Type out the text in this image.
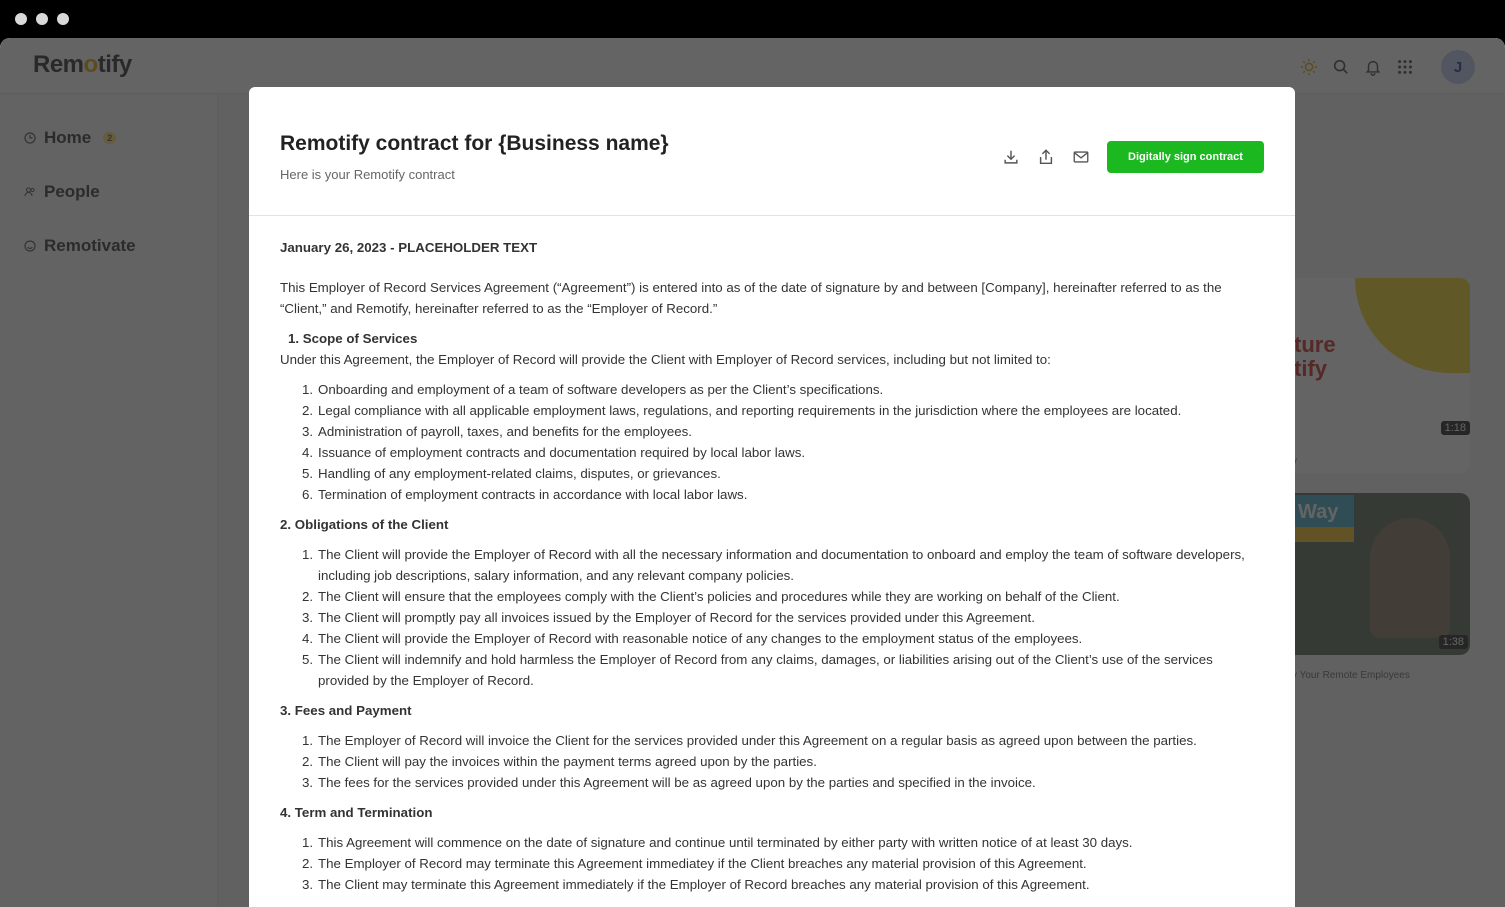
Remotify contract for {Business name}
Here is your Remotify contract
Digitally sign contract
January 26, 2023 - PLACEHOLDER TEXT

This Employer of Record Services Agreement (“Agreement”) is entered into as of the date of signature by and between [Company], hereinafter referred to as the “Client,” and Remotify, hereinafter referred to as the “Employer of Record.”

1. Scope of Services
Under this Agreement, the Employer of Record will provide the Client with Employer of Record services, including but not limited to:
1. Onboarding and employment of a team of software developers as per the Client’s specifications.
2. Legal compliance with all applicable employment laws, regulations, and reporting requirements in the jurisdiction where the employees are located.
3. Administration of payroll, taxes, and benefits for the employees.
4. Issuance of employment contracts and documentation required by local labor laws.
5. Handling of any employment-related claims, disputes, or grievances.
6. Termination of employment contracts in accordance with local labor laws.
2. Obligations of the Client
1. The Client will provide the Employer of Record with all the necessary information and documentation to onboard and employ the team of software developers, including job descriptions, salary information, and any relevant company policies.
2. The Client will ensure that the employees comply with the Client’s policies and procedures while they are working on behalf of the Client.
3. The Client will promptly pay all invoices issued by the Employer of Record for the services provided under this Agreement.
4. The Client will provide the Employer of Record with reasonable notice of any changes to the employment status of the employees.
5. The Client will indemnify and hold harmless the Employer of Record from any claims, damages, or liabilities arising out of the Client’s use of the services provided by the Employer of Record.
3. Fees and Payment
1. The Employer of Record will invoice the Client for the services provided under this Agreement on a regular basis as agreed upon between the parties.
2. The Client will pay the invoices within the payment terms agreed upon by the parties.
3. The fees for the services provided under this Agreement will be as agreed upon by the parties and specified in the invoice.
4. Term and Termination
1. This Agreement will commence on the date of signature and continue until terminated by either party with written notice of at least 30 days.
2. The Employer of Record may terminate this Agreement immediatey if the Client breaches any material provision of this Agreement.
3. The Client may terminate this Agreement immediately if the Employer of Record breaches any material provision of this Agreement.
